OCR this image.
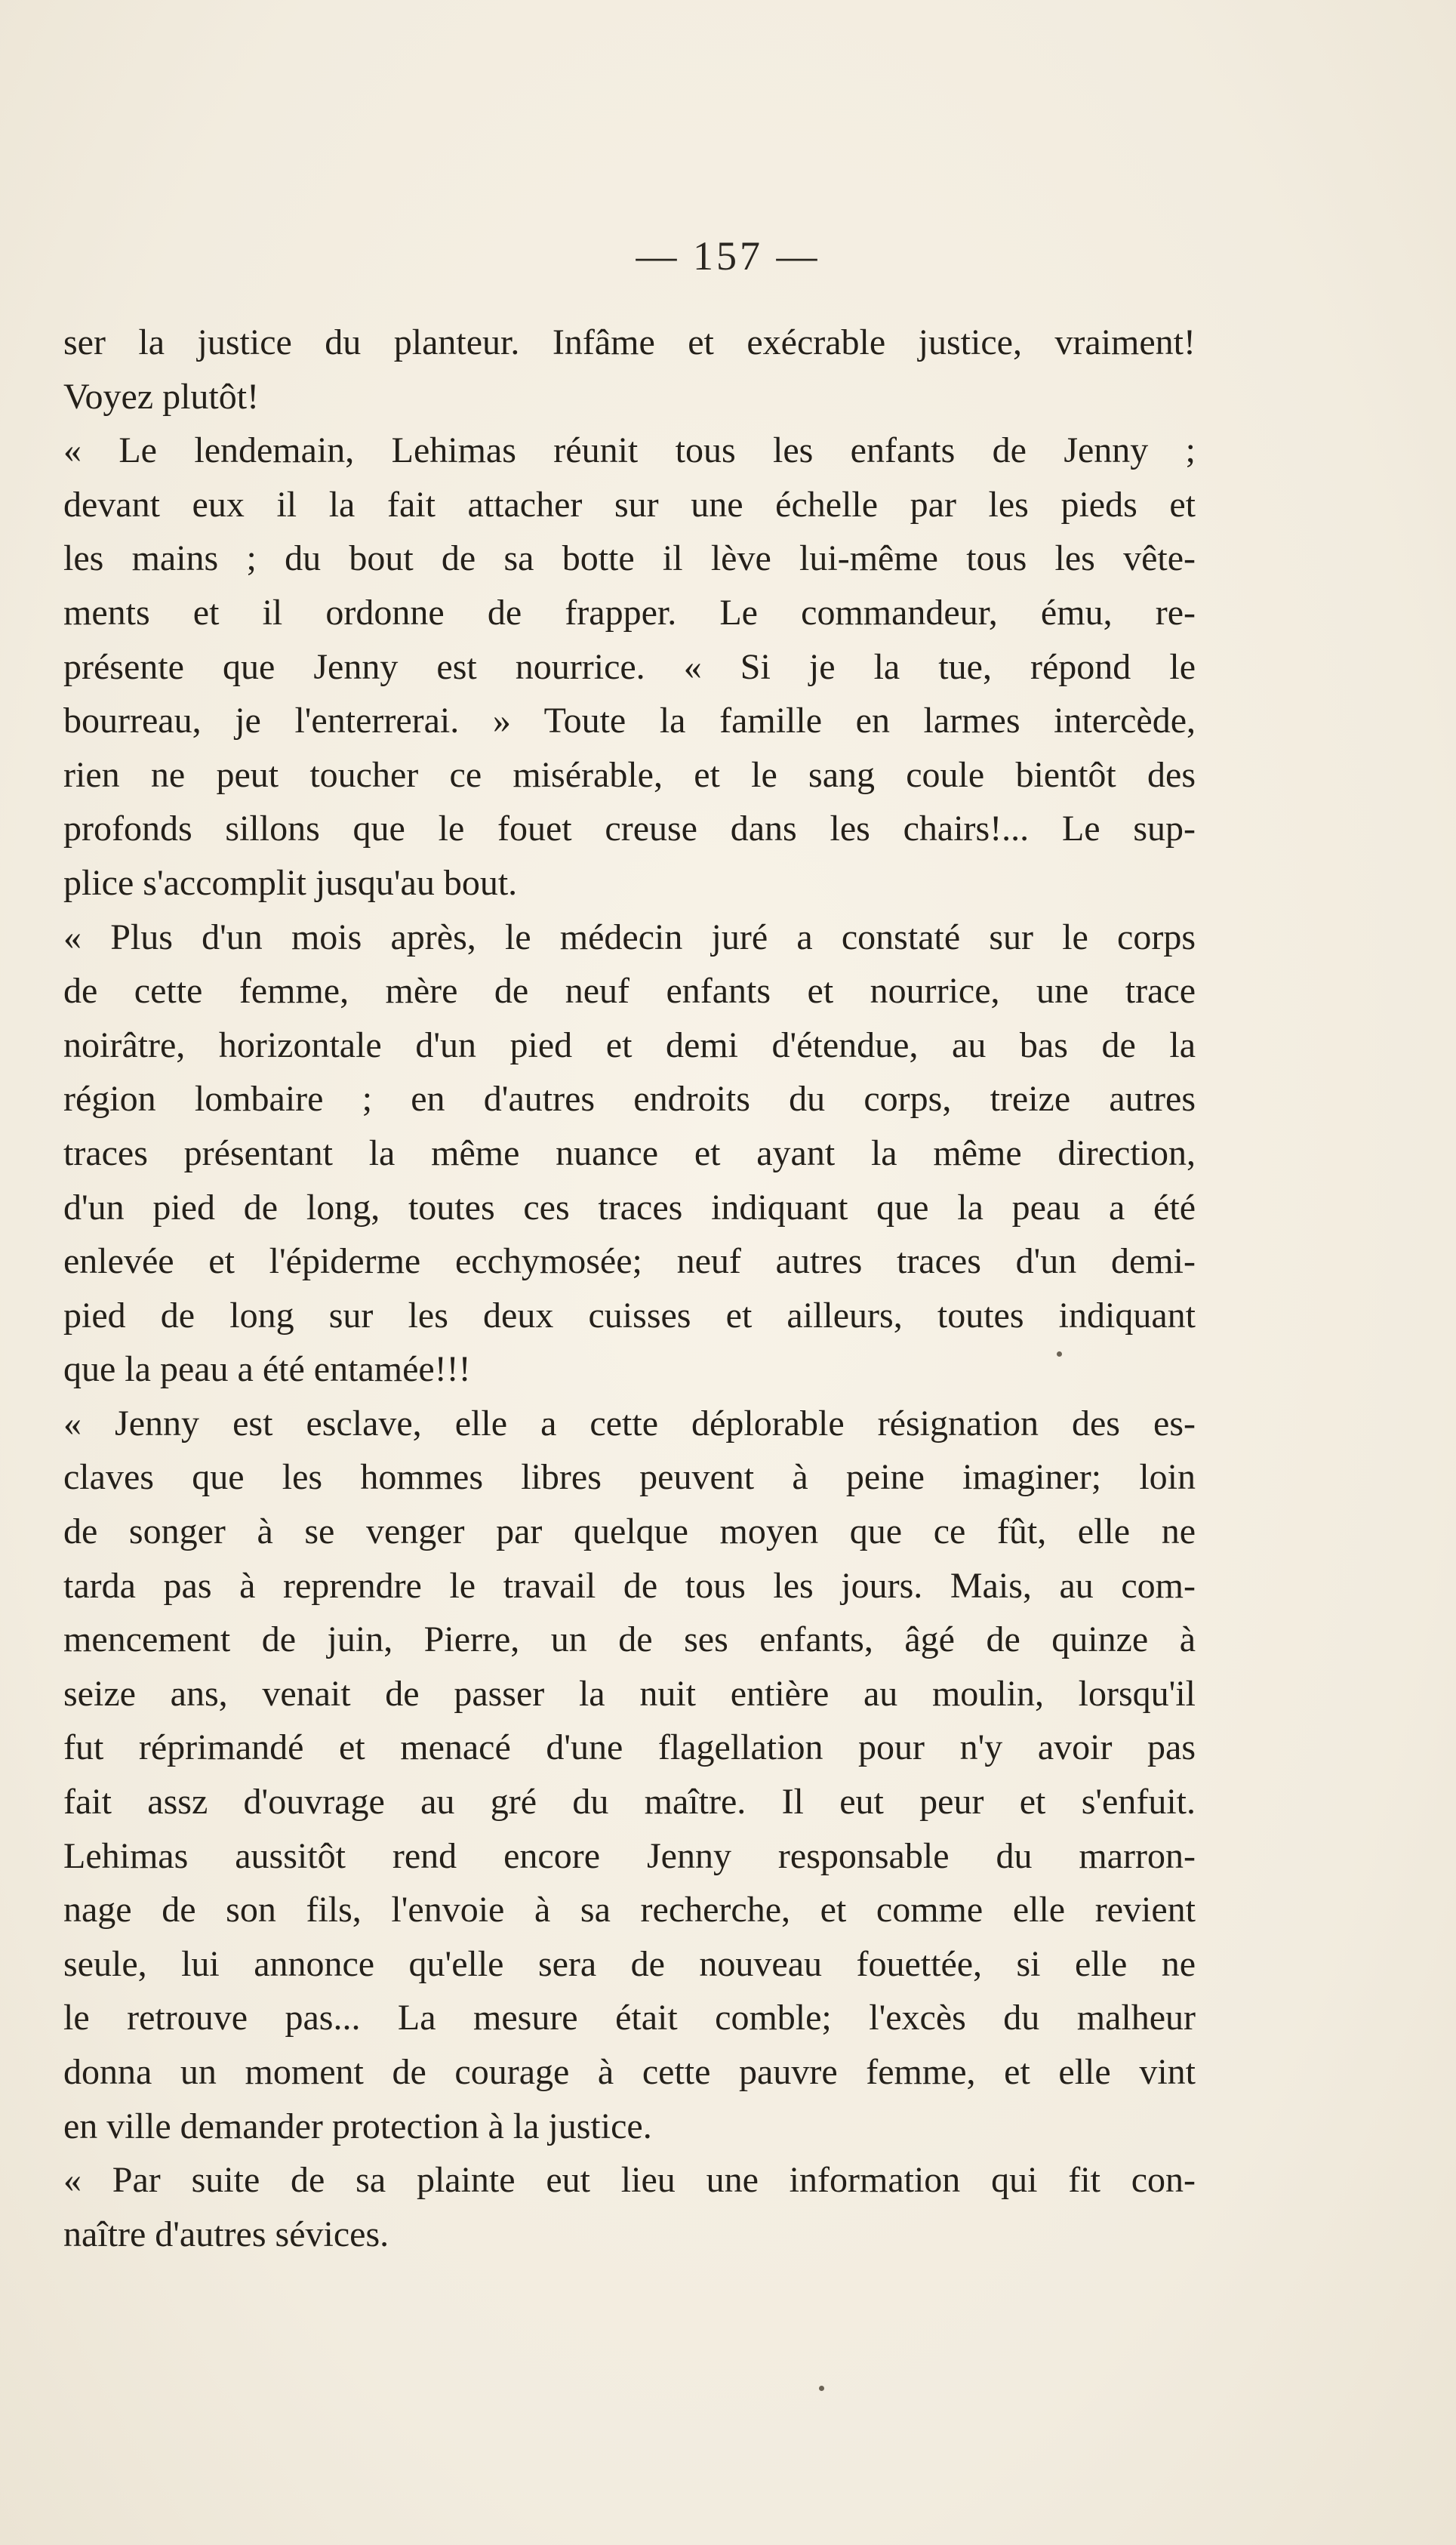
— 157 —
ser la justice du planteur. Infâme et exécrable justice, vraiment!
Voyez plutôt!
« Le lendemain, Lehimas réunit tous les enfants de Jenny ;
devant eux il la fait attacher sur une échelle par les pieds et
les mains ; du bout de sa botte il lève lui-même tous les vête-
ments et il ordonne de frapper. Le commandeur, ému, re-
présente que Jenny est nourrice. « Si je la tue, répond le
bourreau, je l'enterrerai. » Toute la famille en larmes intercède,
rien ne peut toucher ce misérable, et le sang coule bientôt des
profonds sillons que le fouet creuse dans les chairs!... Le sup-
plice s'accomplit jusqu'au bout.
« Plus d'un mois après, le médecin juré a constaté sur le corps
de cette femme, mère de neuf enfants et nourrice, une trace
noirâtre, horizontale d'un pied et demi d'étendue, au bas de la
région lombaire ; en d'autres endroits du corps, treize autres
traces présentant la même nuance et ayant la même direction,
d'un pied de long, toutes ces traces indiquant que la peau a été
enlevée et l'épiderme ecchymosée; neuf autres traces d'un demi-
pied de long sur les deux cuisses et ailleurs, toutes indiquant
que la peau a été entamée!!!
« Jenny est esclave, elle a cette déplorable résignation des es-
claves que les hommes libres peuvent à peine imaginer; loin
de songer à se venger par quelque moyen que ce fût, elle ne
tarda pas à reprendre le travail de tous les jours. Mais, au com-
mencement de juin, Pierre, un de ses enfants, âgé de quinze à
seize ans, venait de passer la nuit entière au moulin, lorsqu'il
fut réprimandé et menacé d'une flagellation pour n'y avoir pas
fait assz d'ouvrage au gré du maître. Il eut peur et s'enfuit.
Lehimas aussitôt rend encore Jenny responsable du marron-
nage de son fils, l'envoie à sa recherche, et comme elle revient
seule, lui annonce qu'elle sera de nouveau fouettée, si elle ne
le retrouve pas... La mesure était comble; l'excès du malheur
donna un moment de courage à cette pauvre femme, et elle vint
en ville demander protection à la justice.
« Par suite de sa plainte eut lieu une information qui fit con-
naître d'autres sévices.
